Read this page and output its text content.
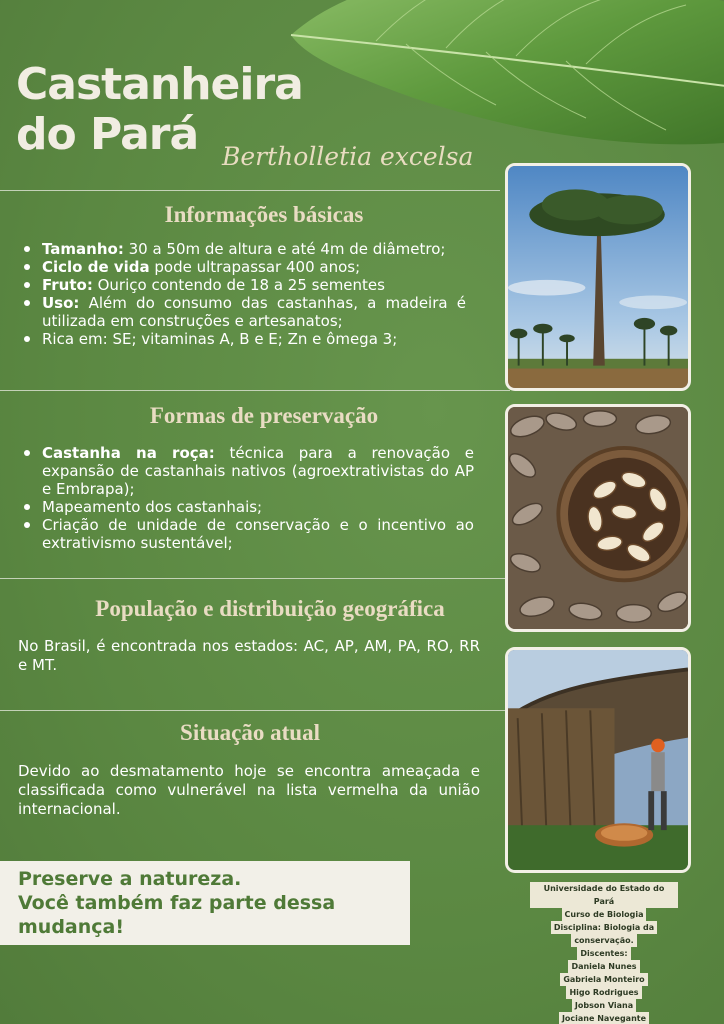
Castanheira
do Pará Bertholletia excelsa
Informações básicas
Tamanho: 30 a 50m de altura e até 4m de diâmetro;
Ciclo de vida pode ultrapassar 400 anos;
Fruto: Ouriço contendo de 18 a 25 sementes
Uso: Além do consumo das castanhas, a madeira é utilizada em construções e artesanatos;
Rica em: SE; vitaminas A, B e E; Zn e ômega 3;
Formas de preservação
Castanha na roça: técnica para a renovação e expansão de castanhais nativos (agroextrativistas do AP e Embrapa);
Mapeamento dos castanhais;
Criação de unidade de conservação e o incentivo ao extrativismo sustentável;
População e distribuição geográfica
No Brasil, é encontrada nos estados: AC, AP, AM, PA, RO, RR e MT.
Situação atual
Devido ao desmatamento hoje se encontra ameaçada e classificada como vulnerável na lista vermelha da união internacional.
Preserve a natureza.
Você também faz parte dessa
mudança!
Universidade do Estado do Pará
Curso de Biologia
Disciplina: Biologia da
conservação.
Discentes:
Daniela Nunes
Gabriela Monteiro
Higo Rodrigues
Jobson Viana
Jociane Navegante
